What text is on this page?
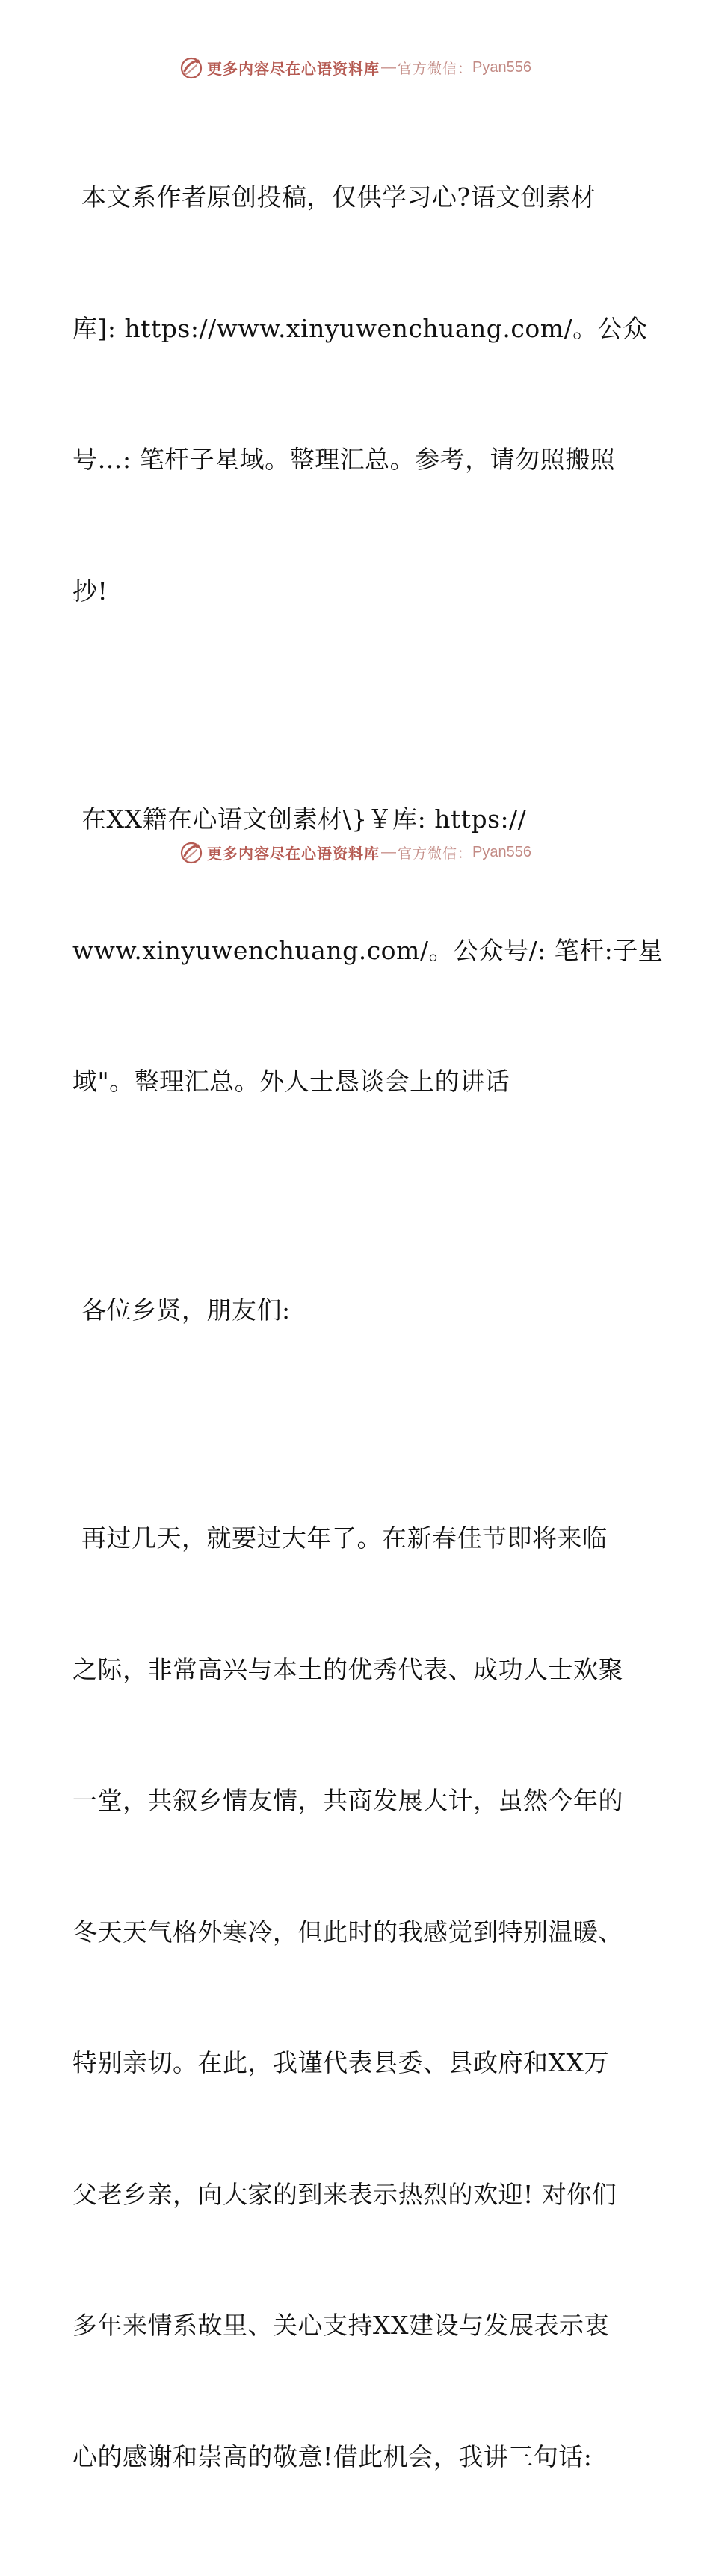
更多内容尽在心语资料库 — 官方微信： Pyan556

本文系作者原创投稿，仅供学习心?语文创素材

库]: https://www.xinyuwenchuang.com/。公众

号…: 笔杆子星域。整理汇总。参考，请勿照搬照

抄!

在XX籍在心语文创素材\}￥库: https://

www.xinyuwenchuang.com/。公众号/: 笔杆:子星

域"。整理汇总。外人士恳谈会上的讲话

各位乡贤，朋友们:

再过几天，就要过大年了。在新春佳节即将来临

之际，非常高兴与本土的优秀代表、成功人士欢聚

一堂，共叙乡情友情，共商发展大计，虽然今年的

冬天天气格外寒冷，但此时的我感觉到特别温暖、

特别亲切。在此，我谨代表县委、县政府和XX万

父老乡亲，向大家的到来表示热烈的欢迎! 对你们

多年来情系故里、关心支持XX建设与发展表示衷

心的感谢和崇高的敬意!借此机会，我讲三句话:

更多内容尽在心语资料库 — 官方微信： Pyan556
